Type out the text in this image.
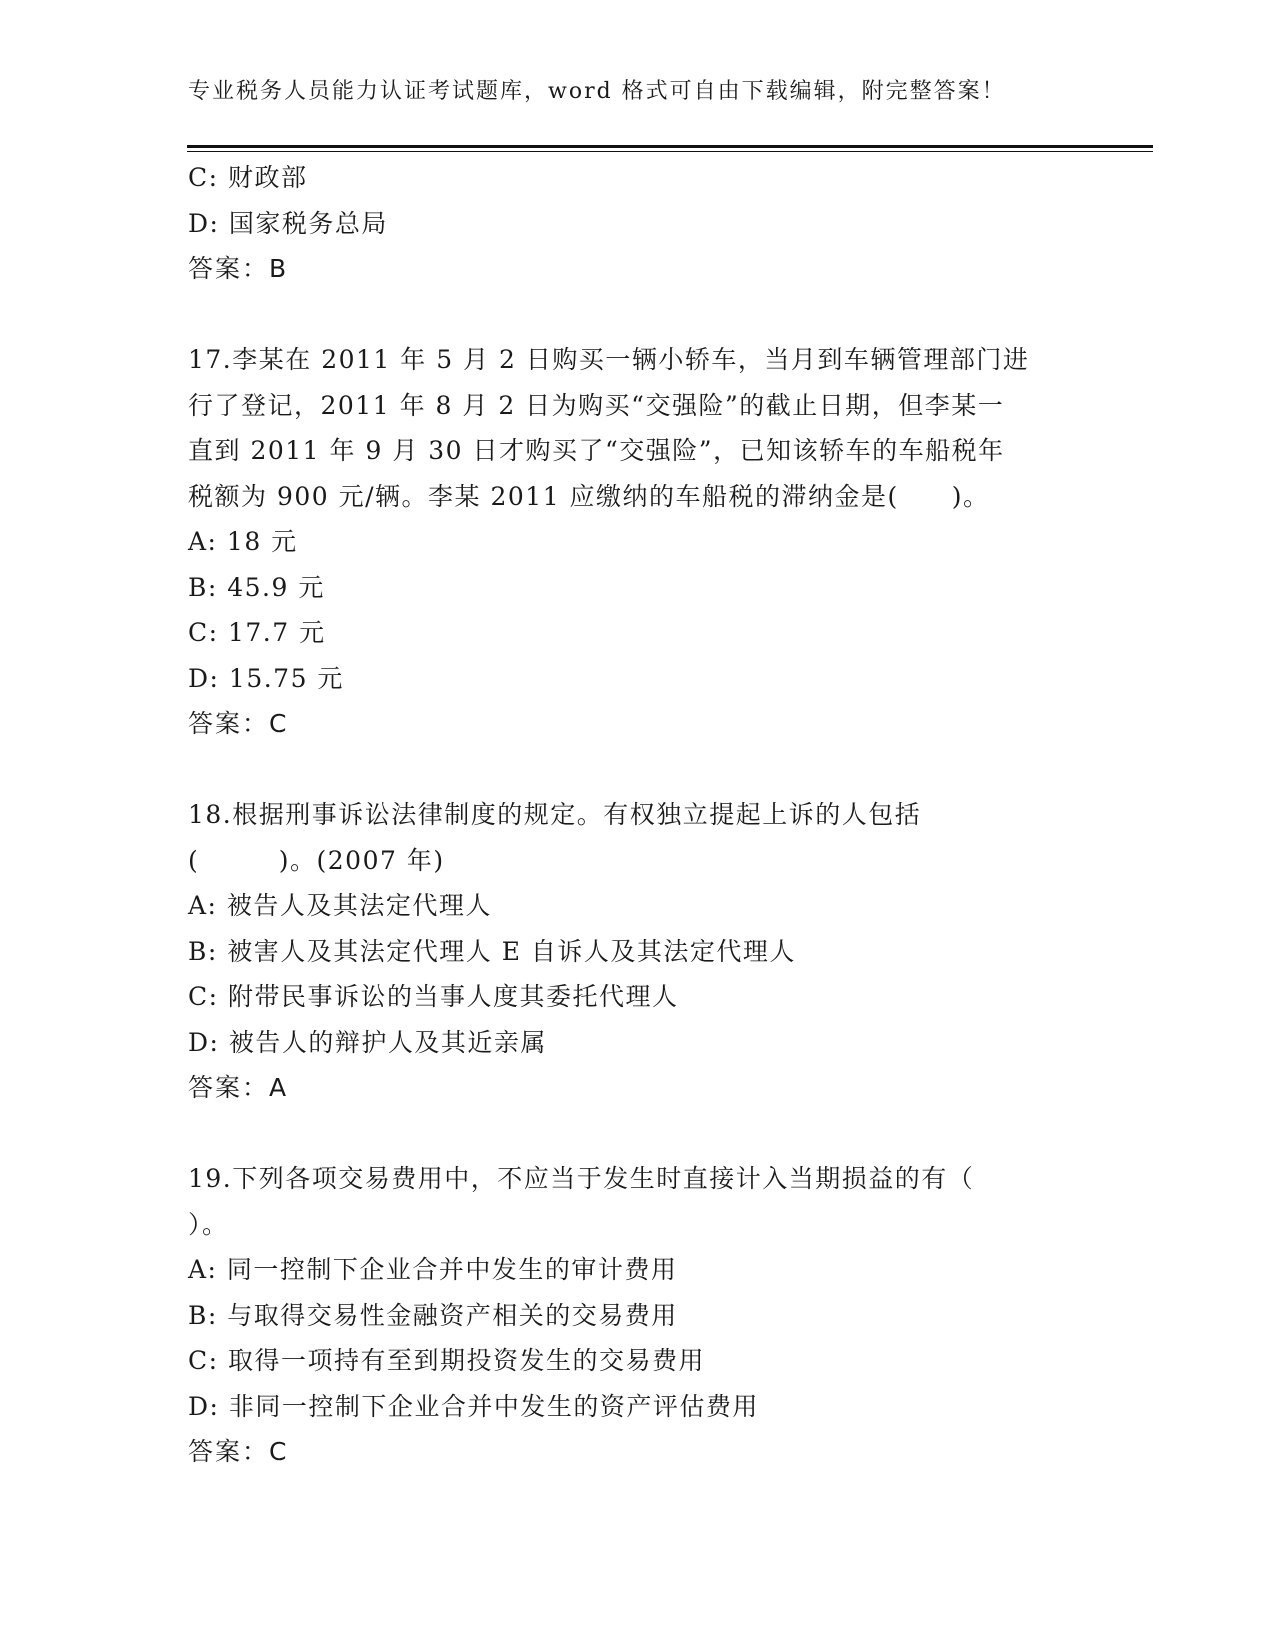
专业税务人员能力认证考试题库，word 格式可自由下载编辑，附完整答案！
C: 财政部
D: 国家税务总局
答案：B
17.李某在 2011 年 5 月 2 日购买一辆小轿车，当月到车辆管理部门进
行了登记，2011 年 8 月 2 日为购买“交强险”的截止日期，但李某一
直到 2011 年 9 月 30 日才购买了“交强险”，已知该轿车的车船税年
税额为 900 元/辆。李某 2011 应缴纳的车船税的滞纳金是(　　)。
A: 18 元
B: 45.9 元
C: 17.7 元
D: 15.75 元
答案：C
18.根据刑事诉讼法律制度的规定。有权独立提起上诉的人包括
(　　　)。(2007 年)
A: 被告人及其法定代理人
B: 被害人及其法定代理人 E 自诉人及其法定代理人
C: 附带民事诉讼的当事人度其委托代理人
D: 被告人的辩护人及其近亲属
答案：A
19.下列各项交易费用中，不应当于发生时直接计入当期损益的有（
）。
A: 同一控制下企业合并中发生的审计费用
B: 与取得交易性金融资产相关的交易费用
C: 取得一项持有至到期投资发生的交易费用
D: 非同一控制下企业合并中发生的资产评估费用
答案：C
